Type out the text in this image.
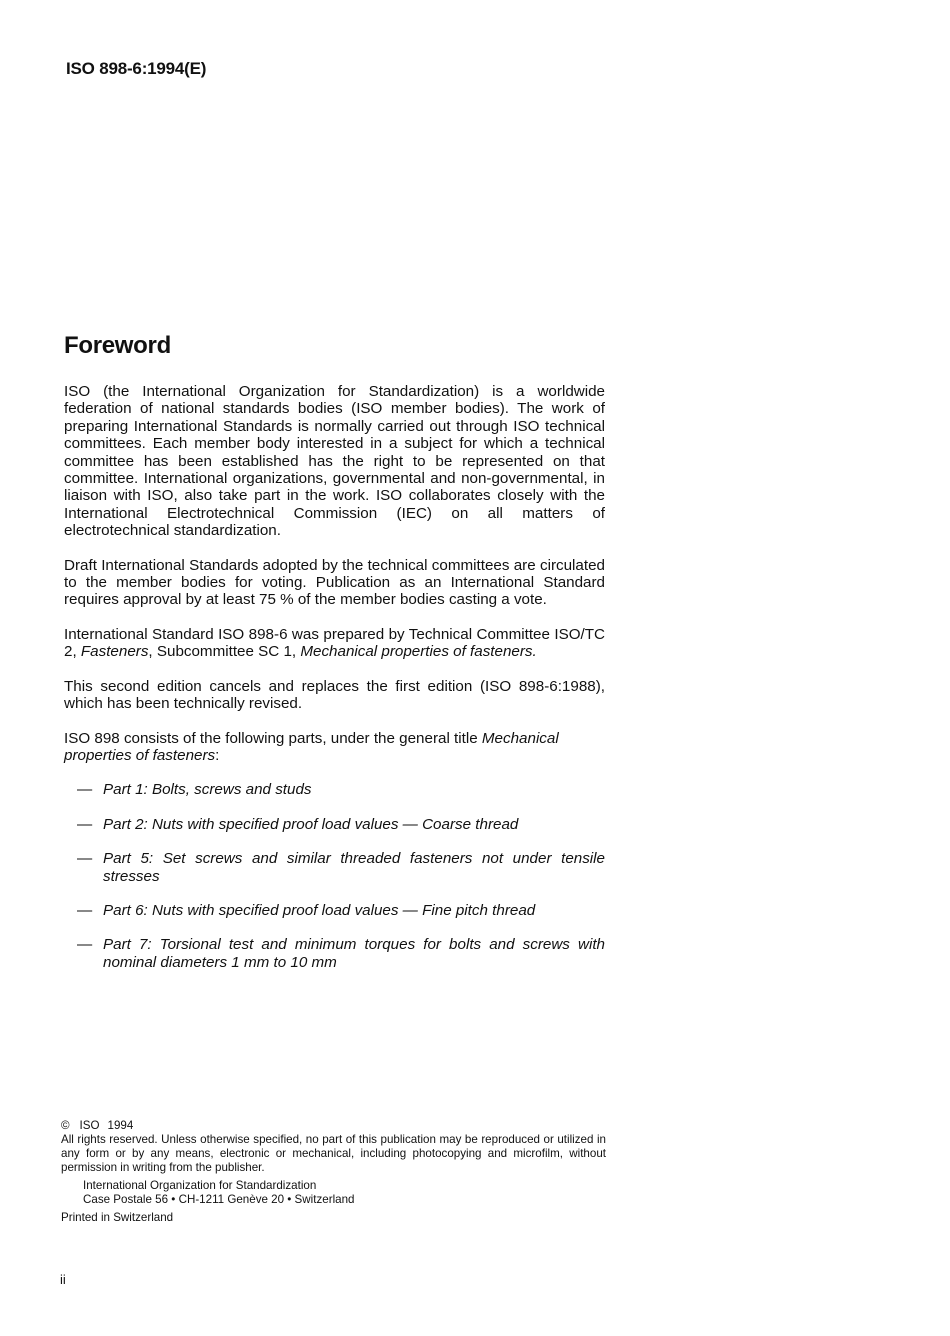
ISO 898-6:1994(E)
Foreword

ISO (the International Organization for Standardization) is a worldwide federation of national standards bodies (ISO member bodies). The work of preparing International Standards is normally carried out through ISO technical committees. Each member body interested in a subject for which a technical committee has been established has the right to be represented on that committee. International organizations, governmental and non-governmental, in liaison with ISO, also take part in the work. ISO collaborates closely with the International Electrotechnical Commission (IEC) on all matters of electrotechnical standardization.

Draft International Standards adopted by the technical committees are circulated to the member bodies for voting. Publication as an International Standard requires approval by at least 75 % of the member bodies casting a vote.

International Standard ISO 898-6 was prepared by Technical Committee ISO/TC 2, Fasteners, Subcommittee SC 1, Mechanical properties of fasteners.

This second edition cancels and replaces the first edition (ISO 898-6:1988), which has been technically revised.

ISO 898 consists of the following parts, under the general title Mechanical properties of fasteners:

— Part 1: Bolts, screws and studs
— Part 2: Nuts with specified proof load values — Coarse thread
— Part 5: Set screws and similar threaded fasteners not under tensile stresses
— Part 6: Nuts with specified proof load values — Fine pitch thread
— Part 7: Torsional test and minimum torques for bolts and screws with nominal diameters 1 mm to 10 mm

© ISO 1994

All rights reserved. Unless otherwise specified, no part of this publication may be reproduced or utilized in any form or by any means, electronic or mechanical, including photocopying and microfilm, without permission in writing from the publisher.

International Organization for Standardization
Case Postale 56 • CH-1211 Genève 20 • Switzerland

Printed in Switzerland

ii
